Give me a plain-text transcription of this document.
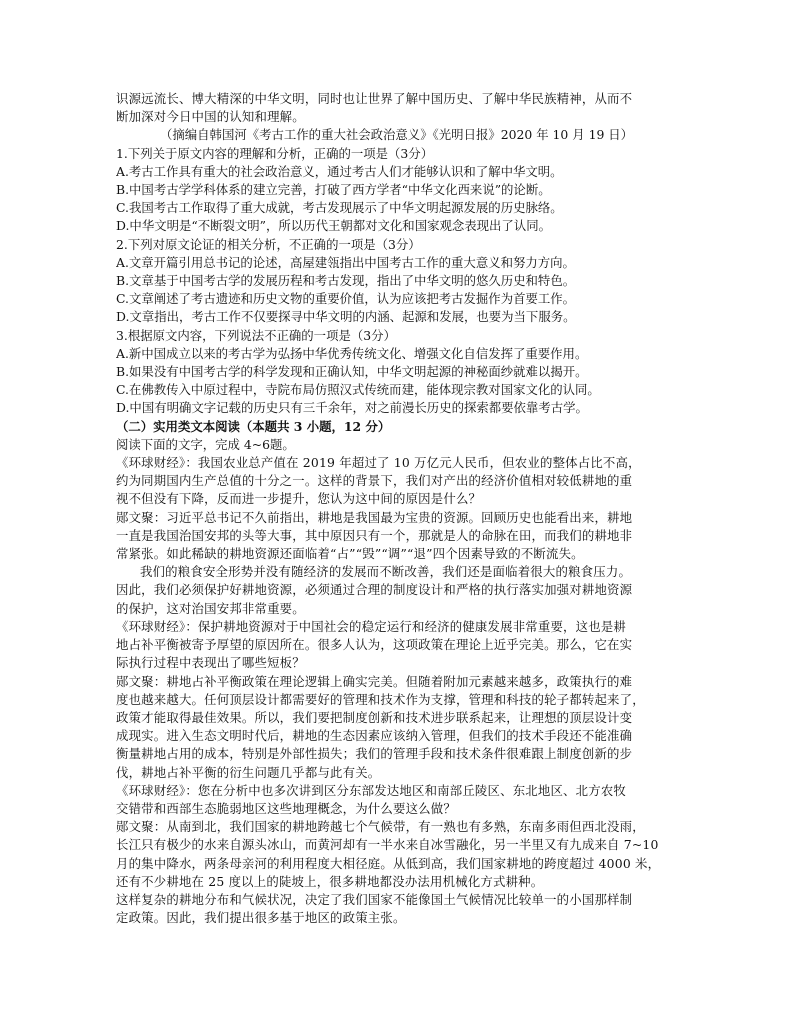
识源远流长、博大精深的中华文明，同时也让世界了解中国历史、了解中华民族精神，从而不
断加深对今日中国的认知和理解。
（摘编自韩国河《考古工作的重大社会政治意义》《光明日报》2020 年 10 月 19 日）
1.下列关于原文内容的理解和分析，正确的一项是（3分）
A.考古工作具有重大的社会政治意义，通过考古人们才能够认识和了解中华文明。
B.中国考古学学科体系的建立完善，打破了西方学者“中华文化西来说”的论断。
C.我国考古工作取得了重大成就，考古发现展示了中华文明起源发展的历史脉络。
D.中华文明是“不断裂文明”，所以历代王朝都对文化和国家观念表现出了认同。
2.下列对原文论证的相关分析，不正确的一项是（3分）
A.文章开篇引用总书记的论述，高屋建瓴指出中国考古工作的重大意义和努力方向。
B.文章基于中国考古学的发展历程和考古发现，指出了中华文明的悠久历史和特色。
C.文章阐述了考古遗迹和历史文物的重要价值，认为应该把考古发掘作为首要工作。
D.文章指出，考古工作不仅要探寻中华文明的内涵、起源和发展，也要为当下服务。
3.根据原文内容，下列说法不正确的一项是（3分）
A.新中国成立以来的考古学为弘扬中华优秀传统文化、增强文化自信发挥了重要作用。
B.如果没有中国考古学的科学发现和正确认知，中华文明起源的神秘面纱就难以揭开。
C.在佛教传入中原过程中，寺院布局仿照汉式传统而建，能体现宗教对国家文化的认同。
D.中国有明确文字记载的历史只有三千余年，对之前漫长历史的探索都要依靠考古学。
（二）实用类文本阅读（本题共 3 小题，12 分）
阅读下面的文字，完成 4~6题。
《环球财经》：我国农业总产值在 2019 年超过了 10 万亿元人民币，但农业的整体占比不高，
约为同期国内生产总值的十分之一。这样的背景下，我们对产出的经济价值相对较低耕地的重
视不但没有下降，反而进一步提升，您认为这中间的原因是什么？
郧文聚：习近平总书记不久前指出，耕地是我国最为宝贵的资源。回顾历史也能看出来，耕地
一直是我国治国安邦的头等大事，其中原因只有一个，那就是人的命脉在田，而我们的耕地非
常紧张。如此稀缺的耕地资源还面临着“占”“毁”“调”“退”四个因素导致的不断流失。
我们的粮食安全形势并没有随经济的发展而不断改善，我们还是面临着很大的粮食压力。
因此，我们必须保护好耕地资源，必须通过合理的制度设计和严格的执行落实加强对耕地资源
的保护，这对治国安邦非常重要。
《环球财经》：保护耕地资源对于中国社会的稳定运行和经济的健康发展非常重要，这也是耕
地占补平衡被寄予厚望的原因所在。很多人认为，这项政策在理论上近乎完美。那么，它在实
际执行过程中表现出了哪些短板？
郧文聚：耕地占补平衡政策在理论逻辑上确实完美。但随着附加元素越来越多，政策执行的难
度也越来越大。任何顶层设计都需要好的管理和技术作为支撑，管理和科技的轮子都转起来了，
政策才能取得最佳效果。所以，我们要把制度创新和技术进步联系起来，让理想的顶层设计变
成现实。进入生态文明时代后，耕地的生态因素应该纳入管理，但我们的技术手段还不能准确
衡量耕地占用的成本，特别是外部性损失；我们的管理手段和技术条件很难跟上制度创新的步
伐，耕地占补平衡的衍生问题几乎都与此有关。
《环球财经》：您在分析中也多次讲到区分东部发达地区和南部丘陵区、东北地区、北方农牧
交错带和西部生态脆弱地区这些地理概念，为什么要这么做？
郧文聚：从南到北，我们国家的耕地跨越七个气候带，有一熟也有多熟，东南多雨但西北没雨，
长江只有极少的水来自源头冰山，而黄河却有一半水来自冰雪融化，另一半里又有九成来自 7~10
月的集中降水，两条母亲河的利用程度大相径庭。从低到高，我们国家耕地的跨度超过 4000 米，
还有不少耕地在 25 度以上的陡坡上，很多耕地都没办法用机械化方式耕种。
这样复杂的耕地分布和气候状况，决定了我们国家不能像国土气候情况比较单一的小国那样制
定政策。因此，我们提出很多基于地区的政策主张。
